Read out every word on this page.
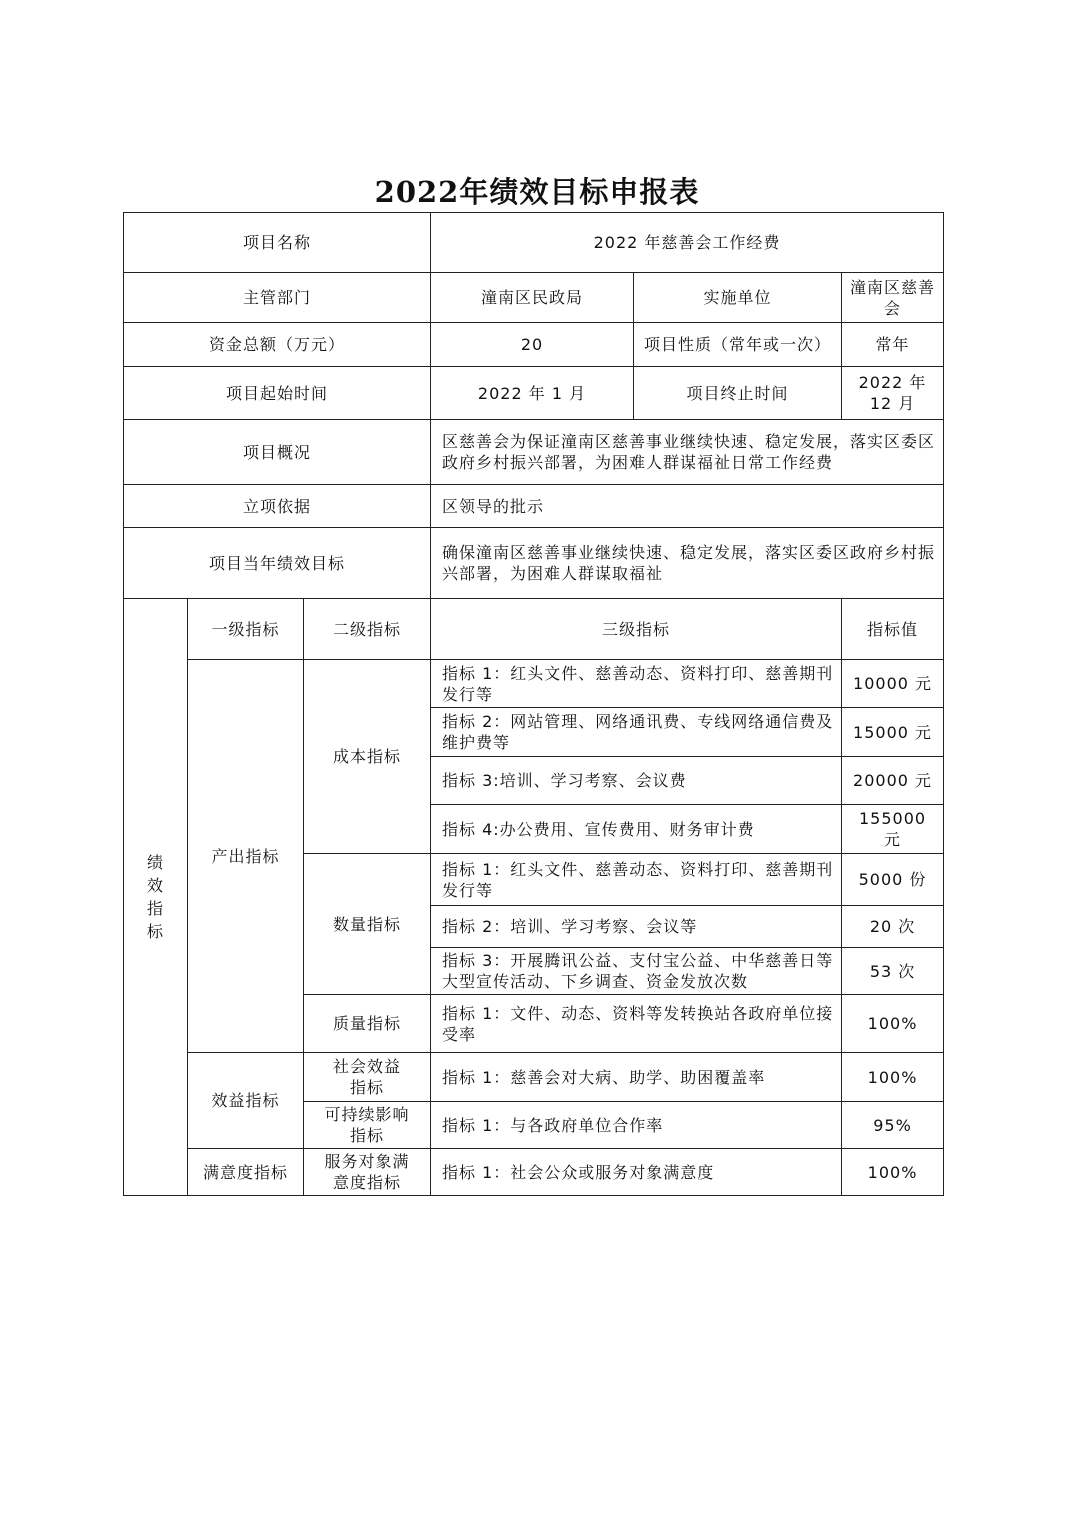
2022年绩效目标申报表
项目名称			2022 年慈善会工作经费		
主管部门			潼南区民政局	实施单位	潼南区慈善会
资金总额（万元）			20	项目性质（常年或一次）	常年
项目起始时间			2022 年 1 月	项目终止时间	2022 年 12 月
项目概况			区慈善会为保证潼南区慈善事业继续快速、稳定发展，落实区委区政府乡村振兴部署，为困难人群谋福祉日常工作经费		
立项依据			区领导的批示		
项目当年绩效目标			确保潼南区慈善事业继续快速、稳定发展，落实区委区政府乡村振兴部署，为困难人群谋取福祉		
绩效指标	一级指标	二级指标	三级指标		指标值
	产出指标	成本指标	指标 1：红头文件、慈善动态、资料打印、慈善期刊发行等		10000 元
			指标 2：网站管理、网络通讯费、专线网络通信费及维护费等		15000 元
			指标 3:培训、学习考察、会议费		20000 元
			指标 4:办公费用、宣传费用、财务审计费		155000 元
		数量指标	指标 1：红头文件、慈善动态、资料打印、慈善期刊发行等		5000 份
			指标 2：培训、学习考察、会议等		20 次
			指标 3：开展腾讯公益、支付宝公益、中华慈善日等大型宣传活动、下乡调查、资金发放次数		53 次
		质量指标	指标 1：文件、动态、资料等发转换站各政府单位接受率		100%
	效益指标	社会效益指标	指标 1：慈善会对大病、助学、助困覆盖率		100%
		可持续影响指标	指标 1：与各政府单位合作率		95%
	满意度指标	服务对象满意度指标	指标 1：社会公众或服务对象满意度		100%
